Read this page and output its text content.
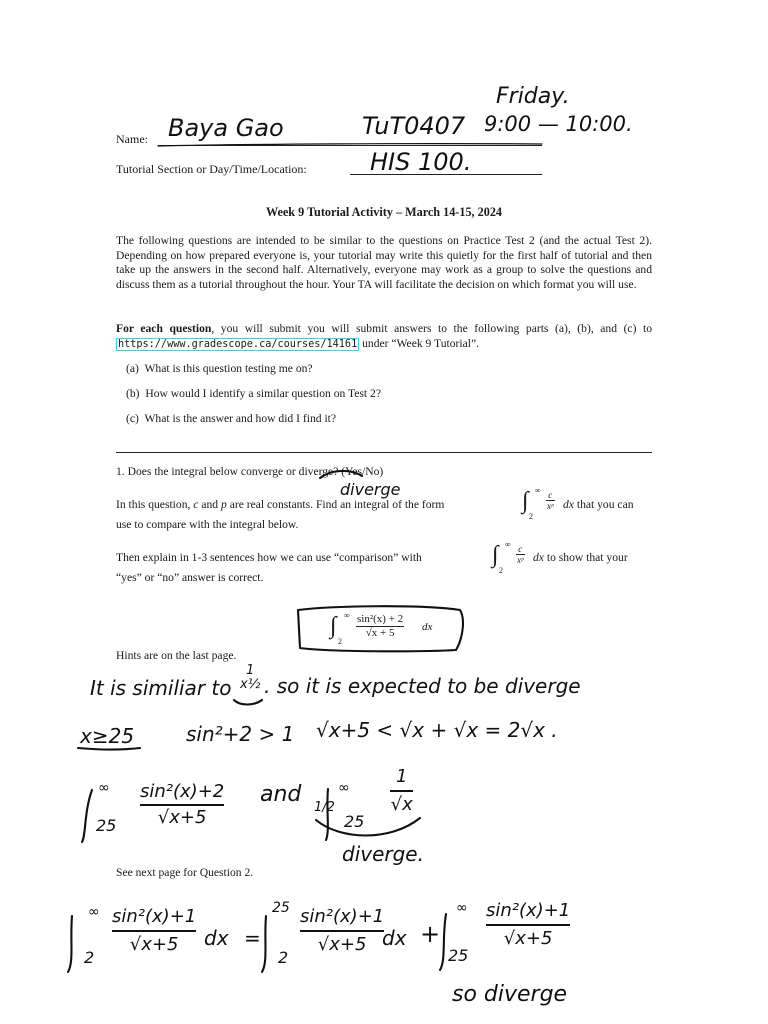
Name:
Tutorial Section or Day/Time/Location:
Baya Gao	TuT0407
Friday.
9:00 — 10:00.
HIS 100.
Week 9 Tutorial Activity – March 14-15, 2024
The following questions are intended to be similar to the questions on Practice Test 2 (and the actual Test 2). Depending on how prepared everyone is, your tutorial may write this quietly for the first half of tutorial and then take up the answers in the second half. Alternatively, everyone may work as a group to solve the questions and discuss them as a tutorial throughout the hour. Your TA will facilitate the decision on which format you will use.
For each question, you will submit you will submit answers to the following parts (a), (b), and (c) to https://www.gradescope.ca/courses/14161 under “Week 9 Tutorial”.
(a) What is this question testing me on?
(b) How would I identify a similar question on Test 2?
(c) What is the answer and how did I find it?
1. Does the integral below converge or diverge? (Yes/No)
In this question, c and p are real constants. Find an integral of the form	∫ ∞
2
$\frac{c}{\text{xᵖ}}$ dx that you can
use to compare with the integral below.
Then explain in 1-3 sentences how we can use “comparison” with	∫ ∞
2
$\frac{c}{\text{xᵖ}}$ dx to show that your
“yes” or “no” answer is correct.
∫ ∞
2
$\frac{\text{sin²(x) + 2}}{√x + 5}$ dx
Hints are on the last page.
See next page for Question 2.
diverge
It is similiar to
1
x½ . so it is expected to be diverge
x≥25	sin²+2 > 1 √x+5 < √x + √x = 2√x .
∞
25
sin²(x)+2
√x+5
and
1/2
∞
25
1
√x
diverge.
2
∞ sin²(x)+1
√x+5	dx =
25
2
sin²(x)+1
√x+5 dx +
∞
25
sin²(x)+1
√x+5
so diverge
